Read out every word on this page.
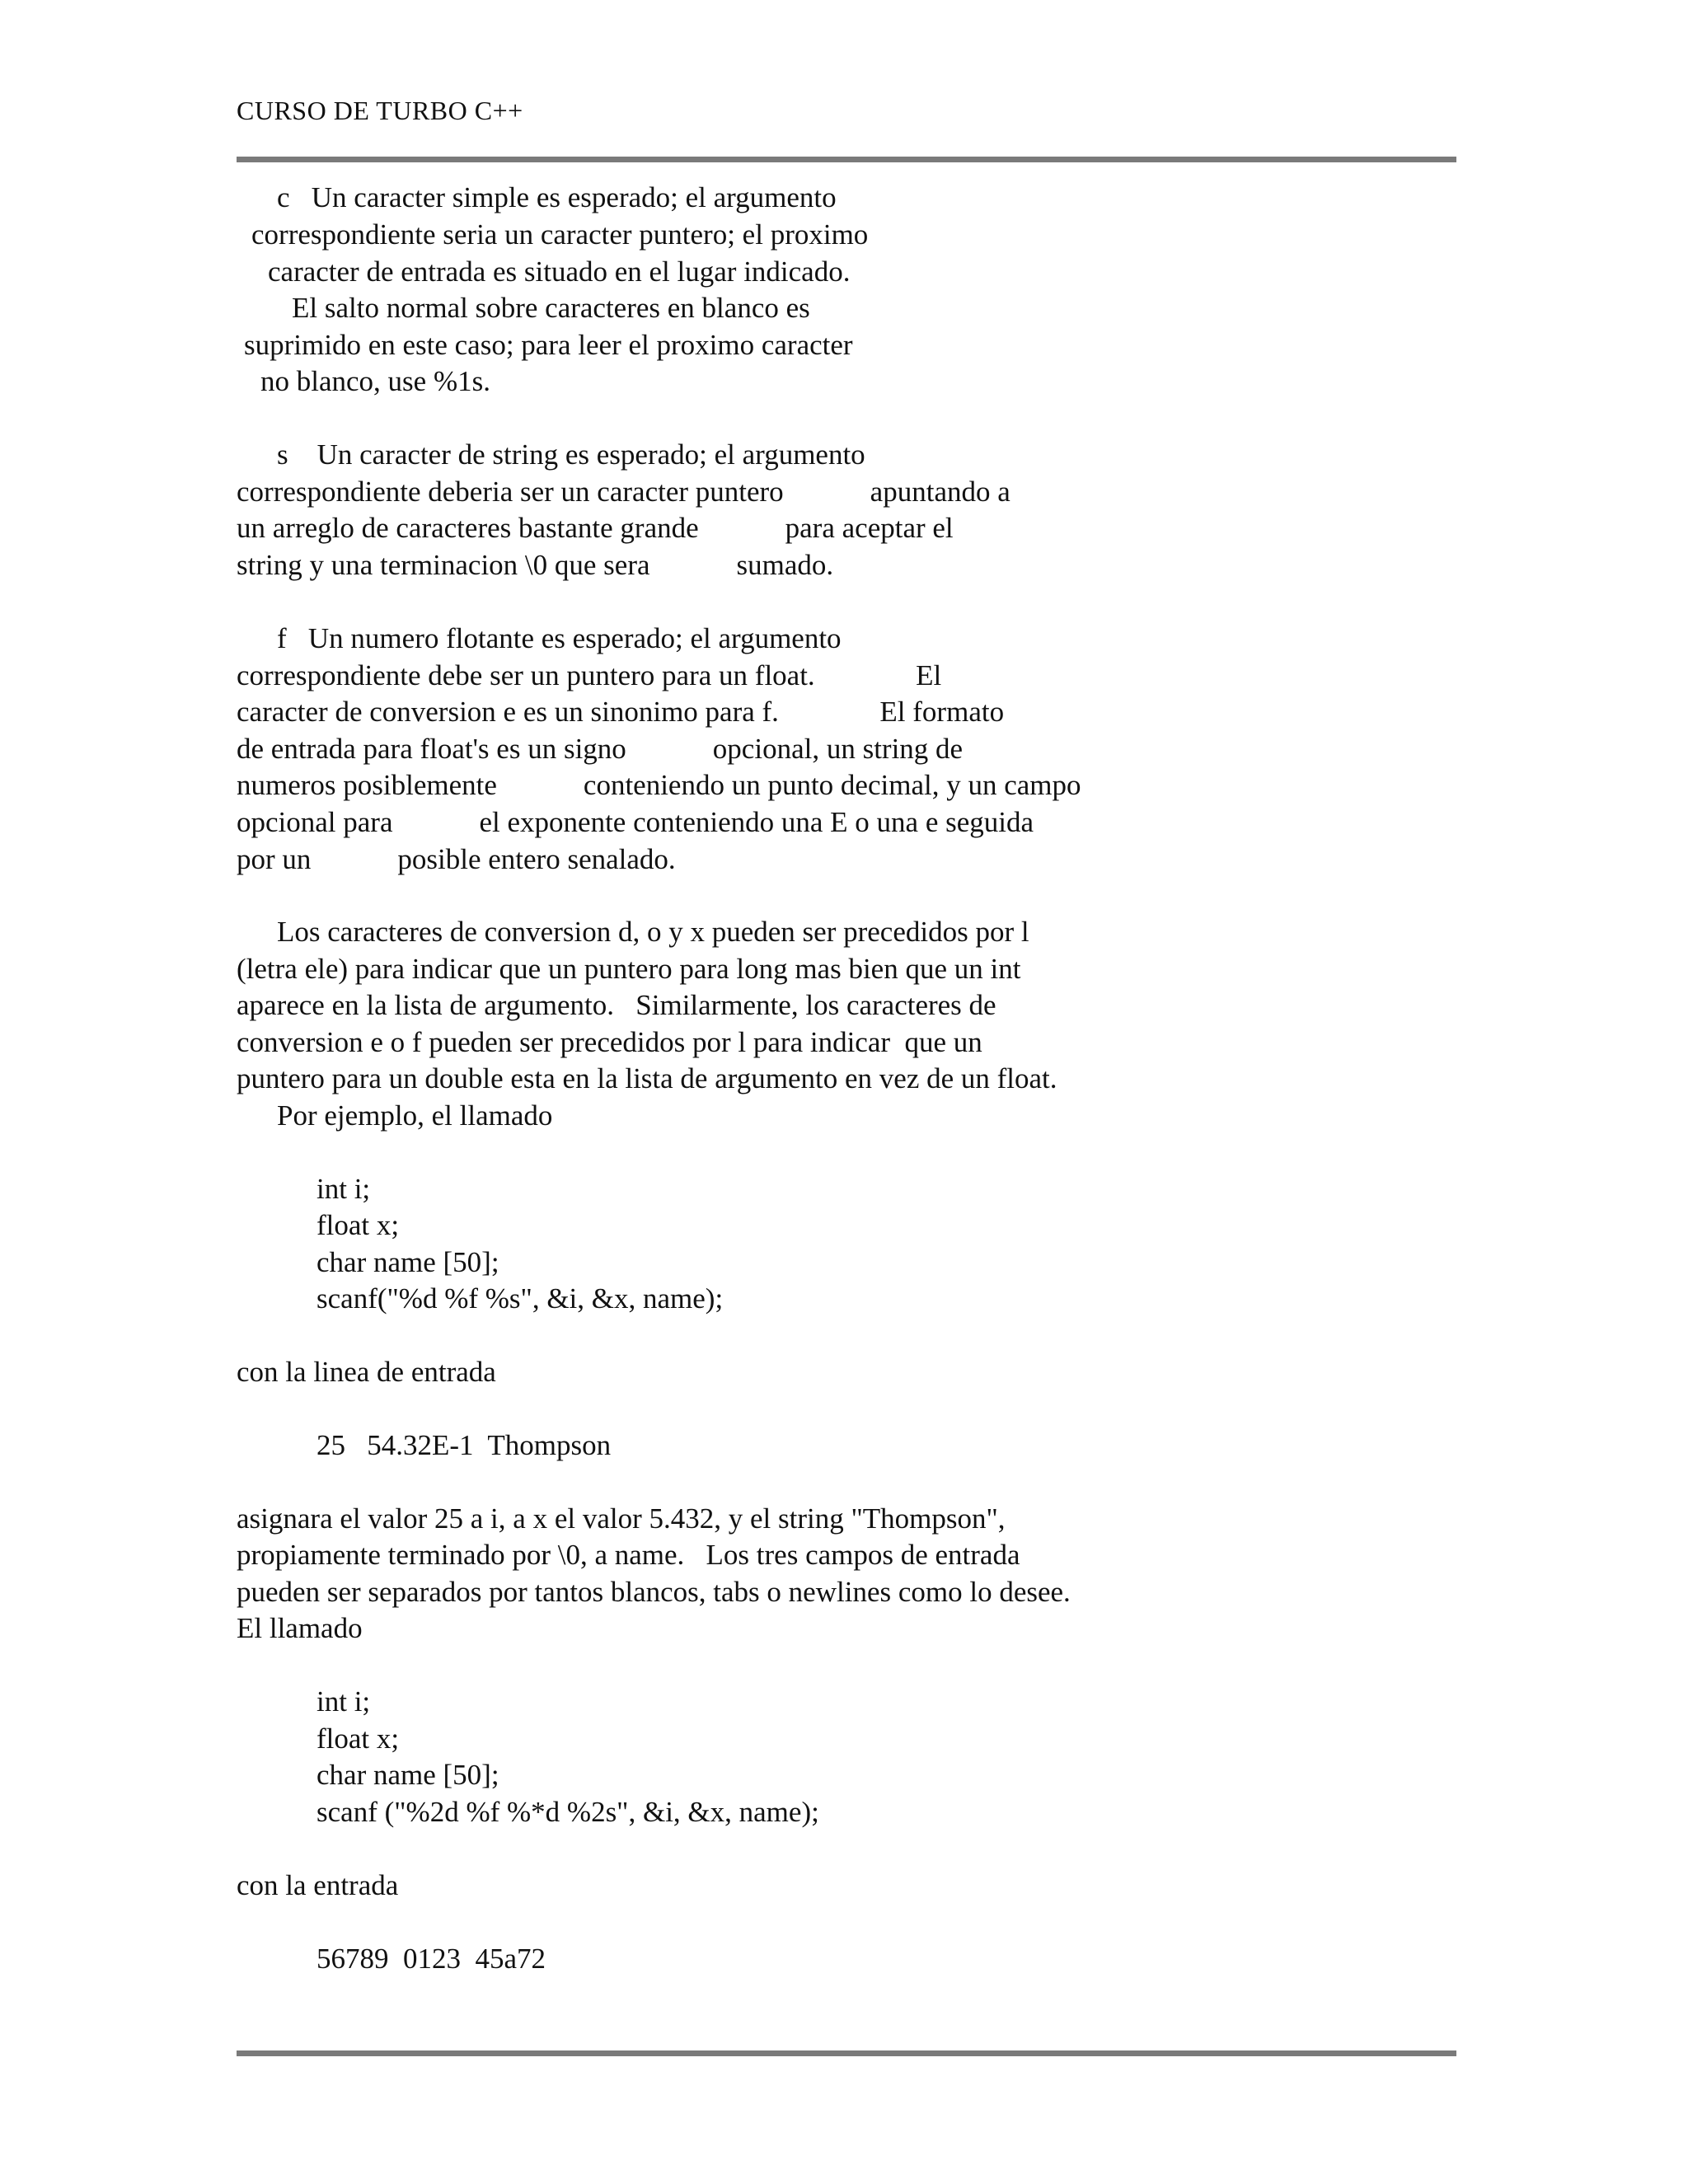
CURSO DE TURBO C++
c   Un caracter simple es esperado; el argumento
correspondiente seria un caracter puntero; el proximo
caracter de entrada es situado en el lugar indicado.
El salto normal sobre caracteres en blanco es
suprimido en este caso; para leer el proximo caracter
no blanco, use %1s.
s    Un caracter de string es esperado; el argumento
correspondiente deberia ser un caracter puntero            apuntando a
un arreglo de caracteres bastante grande            para aceptar el
string y una terminacion \0 que sera            sumado.
f   Un numero flotante es esperado; el argumento
correspondiente debe ser un puntero para un float.              El
caracter de conversion e es un sinonimo para f.              El formato
de entrada para float's es un signo            opcional, un string de
numeros posiblemente            conteniendo un punto decimal, y un campo
opcional para            el exponente conteniendo una E o una e seguida
por un            posible entero senalado.
Los caracteres de conversion d, o y x pueden ser precedidos por l
(letra ele) para indicar que un puntero para long mas bien que un int
aparece en la lista de argumento.   Similarmente, los caracteres de
conversion e o f pueden ser precedidos por l para indicar  que un
puntero para un double esta en la lista de argumento en vez de un float.
Por ejemplo, el llamado
int i;
float x;
char name [50];
scanf("%d %f %s", &i, &x, name);
con la linea de entrada
25   54.32E-1  Thompson
asignara el valor 25 a i, a x el valor 5.432, y el string "Thompson",
propiamente terminado por \0, a name.   Los tres campos de entrada
pueden ser separados por tantos blancos, tabs o newlines como lo desee.
El llamado
int i;
float x;
char name [50];
scanf ("%2d %f %*d %2s", &i, &x, name);
con la entrada
56789  0123  45a72
